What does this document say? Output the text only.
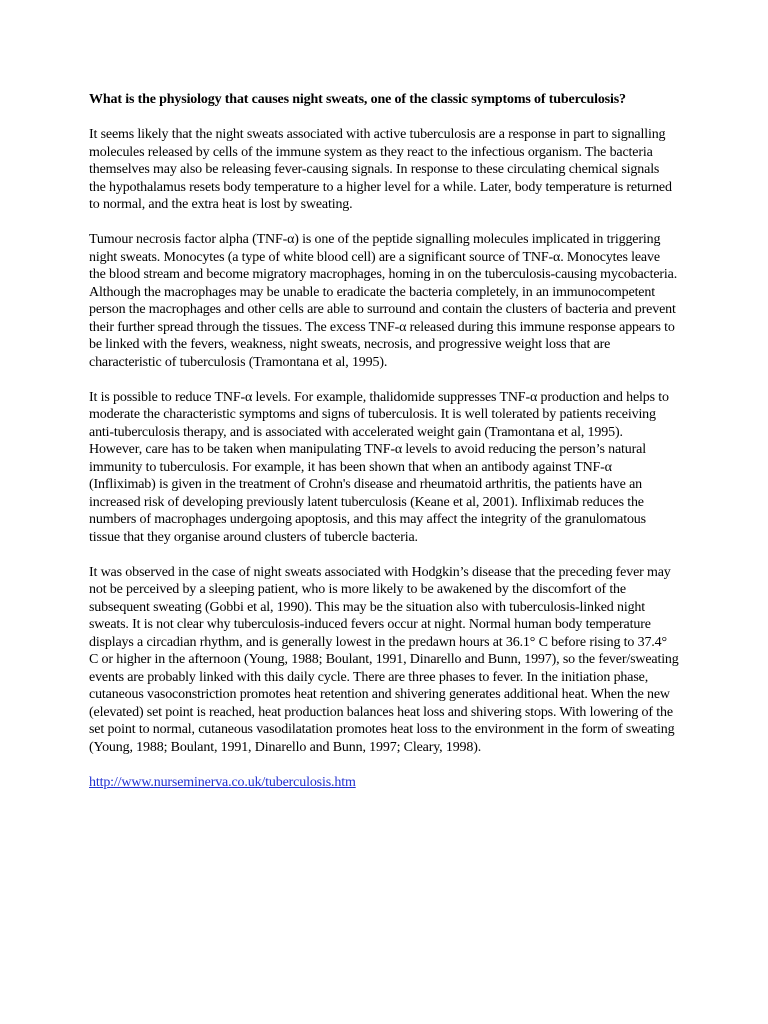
What is the physiology that causes night sweats, one of the classic symptoms of tuberculosis?

It seems likely that the night sweats associated with active tuberculosis are a response in part to signalling molecules released by cells of the immune system as they react to the infectious organism. The bacteria themselves may also be releasing fever-causing signals. In response to these circulating chemical signals the hypothalamus resets body temperature to a higher level for a while. Later, body temperature is returned to normal, and the extra heat is lost by sweating.

Tumour necrosis factor alpha (TNF-α) is one of the peptide signalling molecules implicated in triggering night sweats. Monocytes (a type of white blood cell) are a significant source of TNF-α. Monocytes leave the blood stream and become migratory macrophages, homing in on the tuberculosis-causing mycobacteria. Although the macrophages may be unable to eradicate the bacteria completely, in an immunocompetent person the macrophages and other cells are able to surround and contain the clusters of bacteria and prevent their further spread through the tissues. The excess TNF-α released during this immune response appears to be linked with the fevers, weakness, night sweats, necrosis, and progressive weight loss that are characteristic of tuberculosis (Tramontana et al, 1995).

It is possible to reduce TNF-α levels. For example, thalidomide suppresses TNF-α production and helps to moderate the characteristic symptoms and signs of tuberculosis. It is well tolerated by patients receiving anti-tuberculosis therapy, and is associated with accelerated weight gain (Tramontana et al, 1995). However, care has to be taken when manipulating TNF-α levels to avoid reducing the person’s natural immunity to tuberculosis. For example, it has been shown that when an antibody against TNF-α (Infliximab) is given in the treatment of Crohn's disease and rheumatoid arthritis, the patients have an increased risk of developing previously latent tuberculosis (Keane et al, 2001). Infliximab reduces the numbers of macrophages undergoing apoptosis, and this may affect the integrity of the granulomatous tissue that they organise around clusters of tubercle bacteria.

It was observed in the case of night sweats associated with Hodgkin’s disease that the preceding fever may not be perceived by a sleeping patient, who is more likely to be awakened by the discomfort of the subsequent sweating (Gobbi et al, 1990). This may be the situation also with tuberculosis-linked night sweats. It is not clear why tuberculosis-induced fevers occur at night. Normal human body temperature displays a circadian rhythm, and is generally lowest in the predawn hours at 36.1° C before rising to 37.4° C or higher in the afternoon (Young, 1988; Boulant, 1991, Dinarello and Bunn, 1997), so the fever/sweating events are probably linked with this daily cycle. There are three phases to fever. In the initiation phase, cutaneous vasoconstriction promotes heat retention and shivering generates additional heat. When the new (elevated) set point is reached, heat production balances heat loss and shivering stops. With lowering of the set point to normal, cutaneous vasodilatation promotes heat loss to the environment in the form of sweating (Young, 1988; Boulant, 1991, Dinarello and Bunn, 1997; Cleary, 1998).

http://www.nurseminerva.co.uk/tuberculosis.htm
